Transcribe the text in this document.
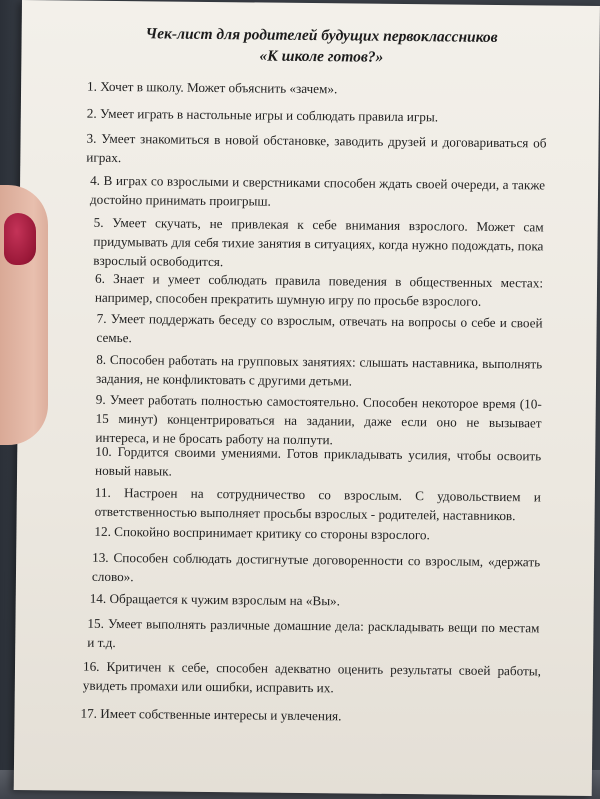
Чек-лист для родителей будущих первоклассников
«К школе готов?»
1. Хочет в школу. Может объяснить «зачем».
2. Умеет играть в настольные игры и соблюдать правила игры.
3. Умеет знакомиться в новой обстановке, заводить друзей и договариваться об играх.
4. В играх со взрослыми и сверстниками способен ждать своей очереди, а также достойно принимать проигрыш.
5. Умеет скучать, не привлекая к себе внимания взрослого. Может сам придумывать для себя тихие занятия в ситуациях, когда нужно подождать, пока взрослый освободится.
6. Знает и умеет соблюдать правила поведения в общественных местах: например, способен прекратить шумную игру по просьбе взрослого.
7. Умеет поддержать беседу со взрослым, отвечать на вопросы о себе и своей семье.
8. Способен работать на групповых занятиях: слышать наставника, выполнять задания, не конфликтовать с другими детьми.
9. Умеет работать полностью самостоятельно. Способен некоторое время (10-15 минут) концентрироваться на задании, даже если оно не вызывает интереса, и не бросать работу на полпути.
10. Гордится своими умениями. Готов прикладывать усилия, чтобы освоить новый навык.
11. Настроен на сотрудничество со взрослым. С удовольствием и ответственностью выполняет просьбы взрослых - родителей, наставников.
12. Спокойно воспринимает критику со стороны взрослого.
13. Способен соблюдать достигнутые договоренности со взрослым, «держать слово».
14. Обращается к чужим взрослым на «Вы».
15. Умеет выполнять различные домашние дела: раскладывать вещи по местам и т.д.
16. Критичен к себе, способен адекватно оценить результаты своей работы, увидеть промахи или ошибки, исправить их.
17. Имеет собственные интересы и увлечения.
